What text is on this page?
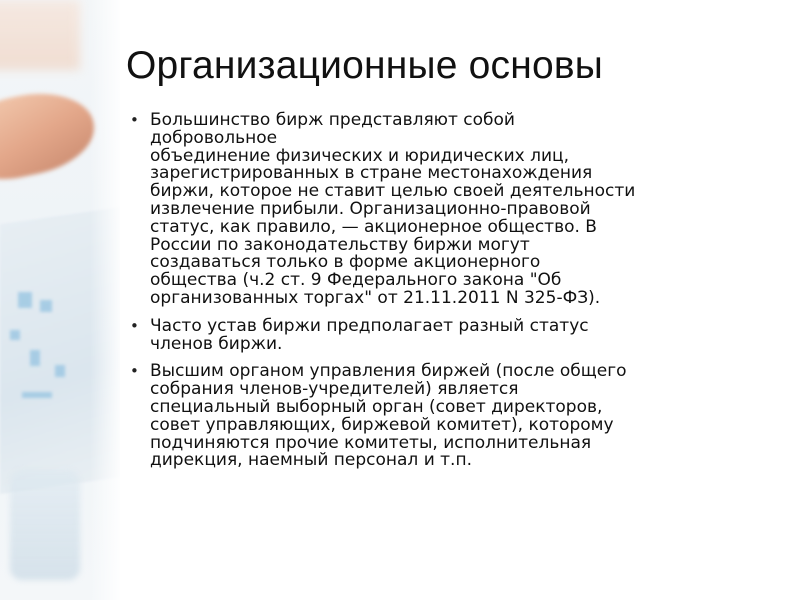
Организационные основы
• Большинство бирж представляют собой
добровольное
объединение физических и юридических лиц,
зарегистрированных в стране местонахождения
биржи, которое не ставит целью своей деятельности
извлечение прибыли. Организационно-правовой
статус, как правило, — акционерное общество. В
России по законодательству биржи могут
создаваться только в форме акционерного
общества (ч.2 ст. 9 Федерального закона "Об
организованных торгах" от 21.11.2011 N 325-ФЗ).
• Часто устав биржи предполагает разный статус
членов биржи.
• Высшим органом управления биржей (после общего
собрания членов-учредителей) является
специальный выборный орган (совет директоров,
совет управляющих, биржевой комитет), которому
подчиняются прочие комитеты, исполнительная
дирекция, наемный персонал и т.п.
